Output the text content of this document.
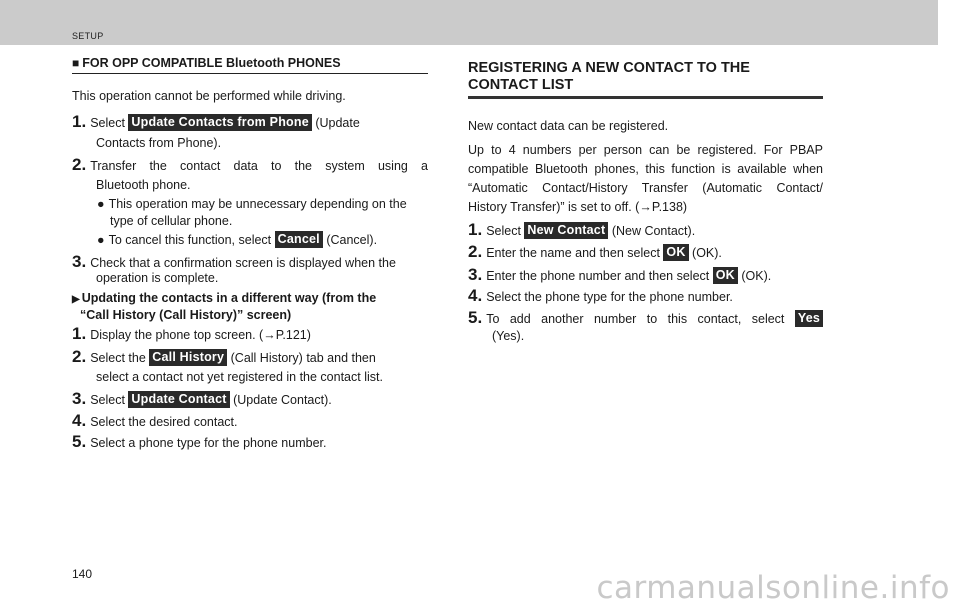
SETUP
■ FOR OPP COMPATIBLE Bluetooth PHONES
This operation cannot be performed while driving.
1. Select Update Contacts from Phone (Update
Contacts from Phone).
2. Transfer the contact data to the system using a
Bluetooth phone.
● This operation may be unnecessary depending on the
type of cellular phone.
● To cancel this function, select Cancel (Cancel).
3. Check that a confirmation screen is displayed when the
operation is complete.
▶ Updating the contacts in a different way (from the
“Call History (Call History)” screen)
1. Display the phone top screen. (→P.121)
2. Select the Call History (Call History) tab and then
select a contact not yet registered in the contact list.
3. Select Update Contact (Update Contact).
4. Select the desired contact.
5. Select a phone type for the phone number.
REGISTERING A NEW CONTACT TO THE
CONTACT LIST
New contact data can be registered.
Up to 4 numbers per person can be registered. For PBAP
compatible Bluetooth phones, this function is available when
“Automatic Contact/History Transfer (Automatic Contact/
History Transfer)” is set to off. (→P.138)
1. Select New Contact (New Contact).
2. Enter the name and then select OK (OK).
3. Enter the phone number and then select OK (OK).
4. Select the phone type for the phone number.
5. To add another number to this contact, select Yes
(Yes).
140	carmanualsonline.info
